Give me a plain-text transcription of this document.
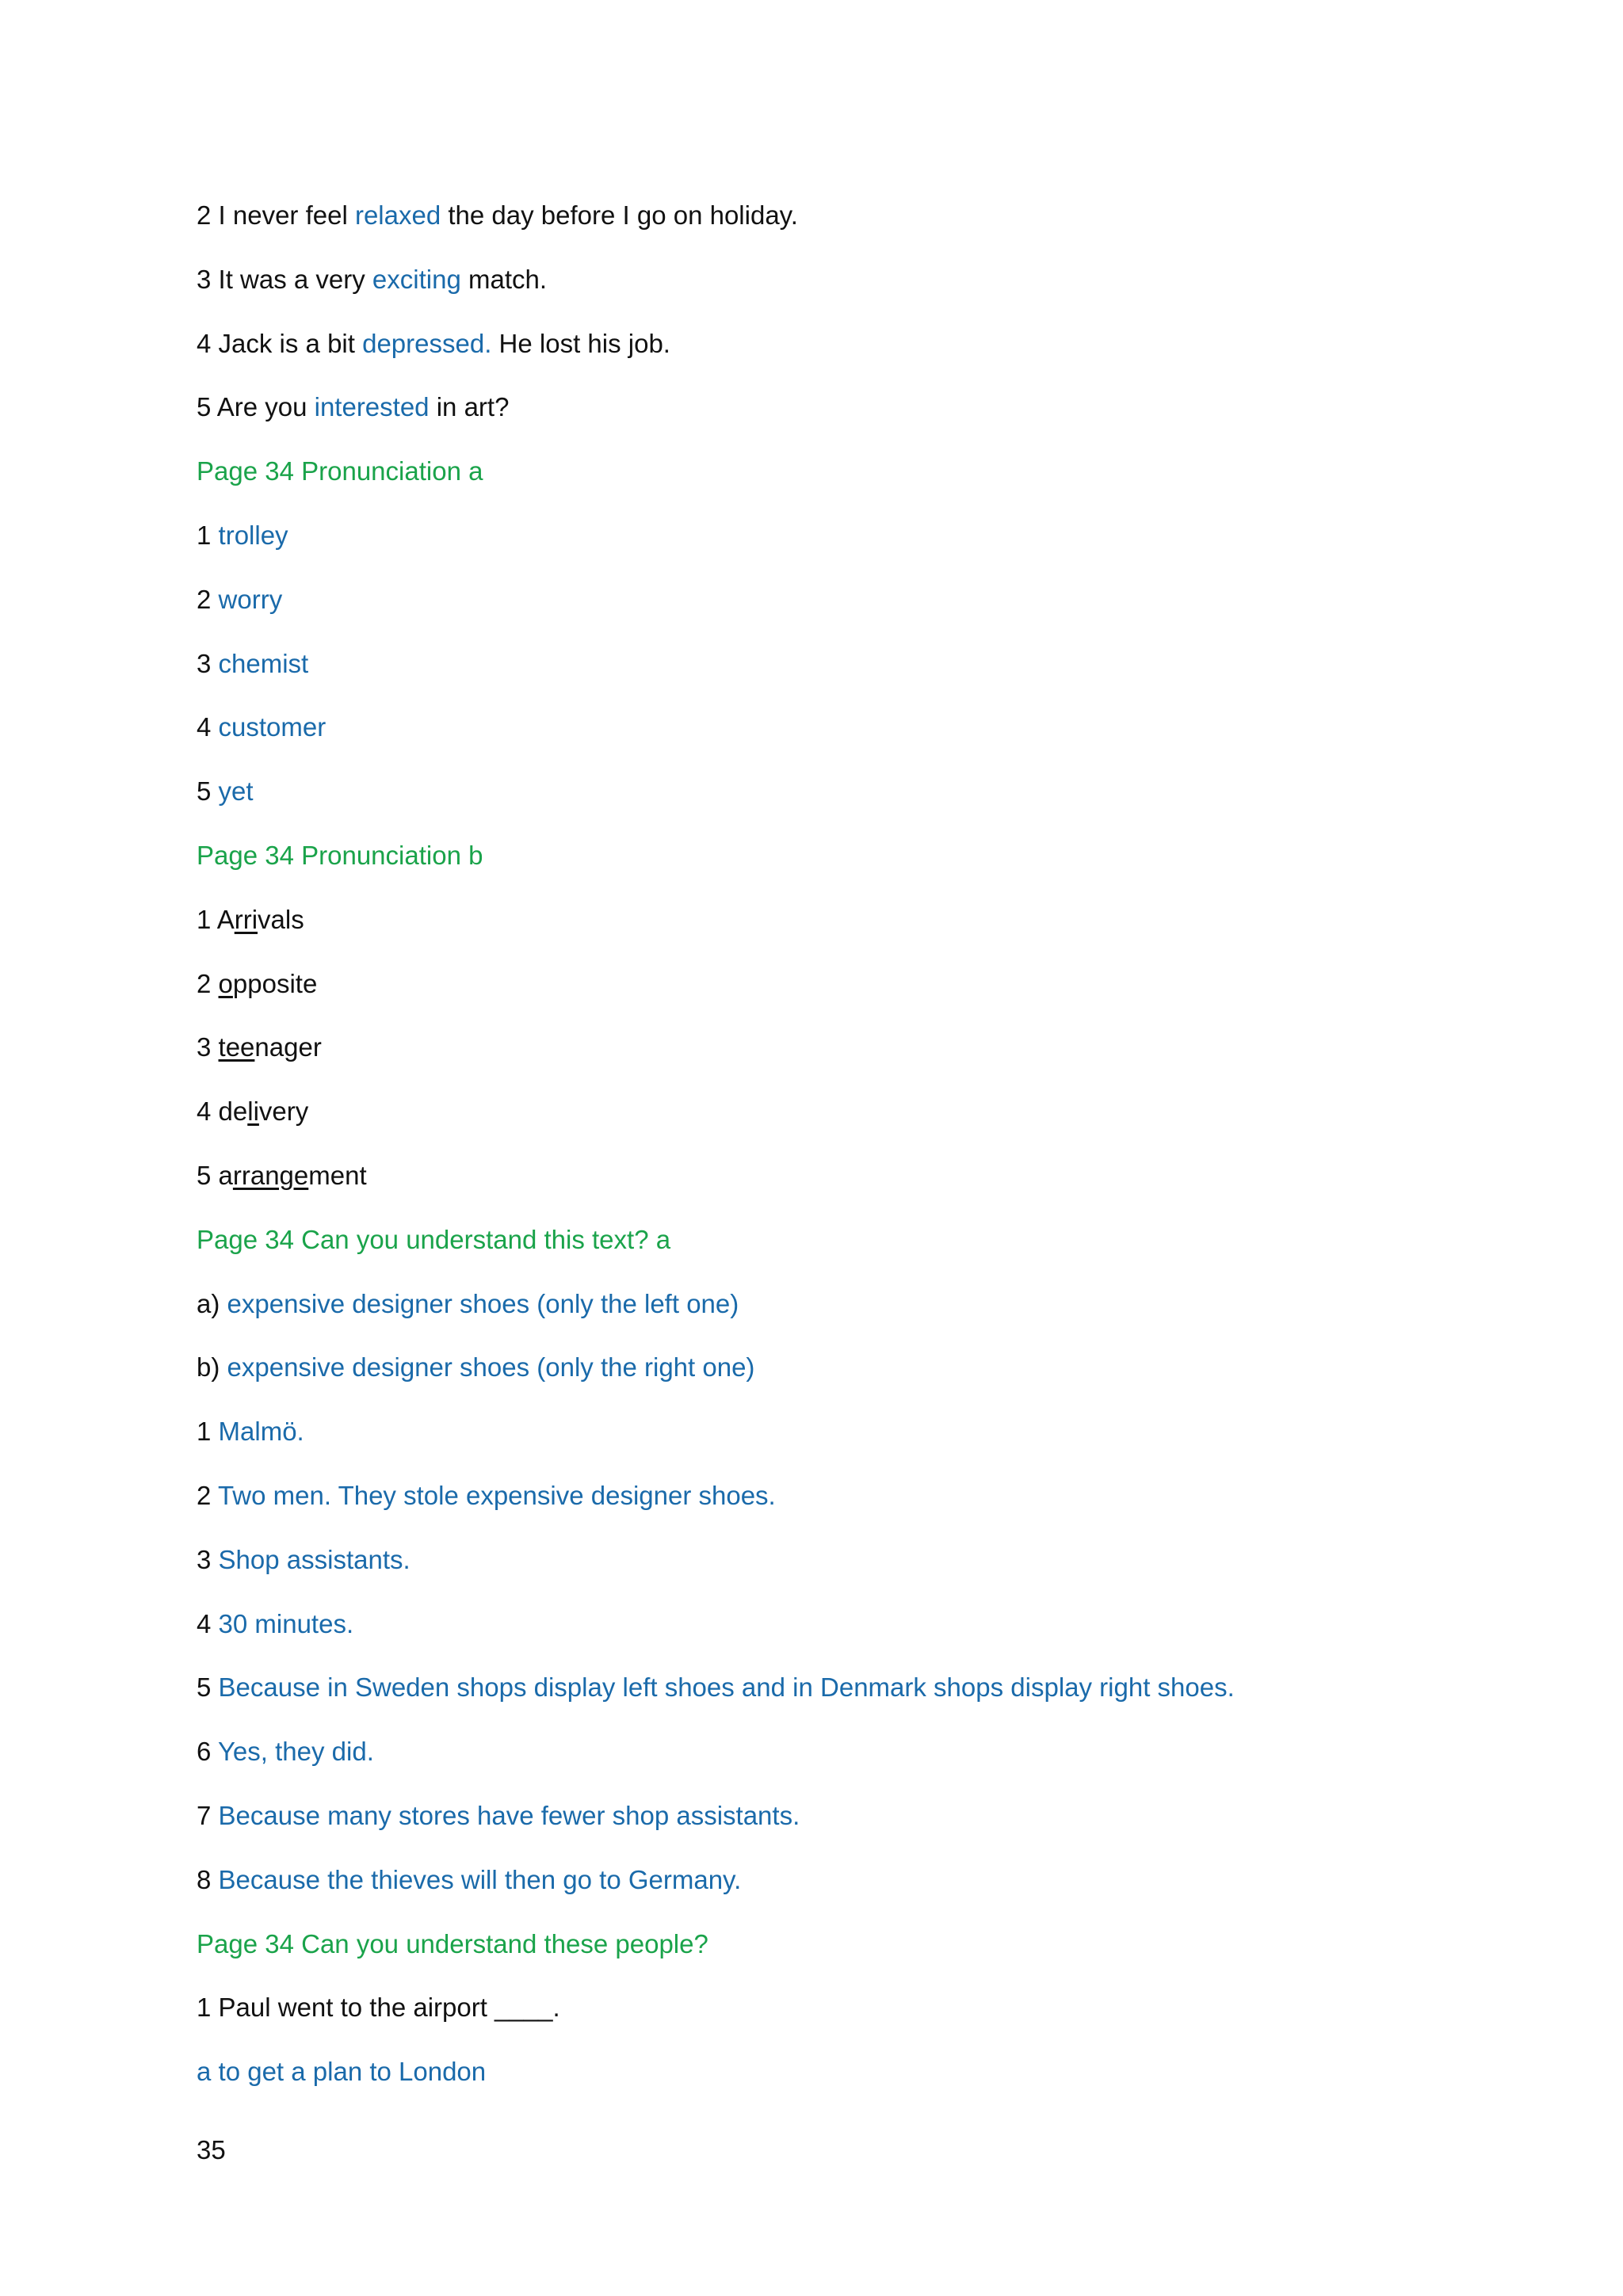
2 I never feel relaxed the day before I go on holiday.
3 It was a very exciting match.
4 Jack is a bit depressed. He lost his job.
5 Are you interested in art?
Page 34 Pronunciation a
1 trolley
2 worry
3 chemist
4 customer
5 yet
Page 34 Pronunciation b
1 Arrivals
2 opposite
3 teenager
4 delivery
5 arrangement
Page 34 Can you understand this text? a
a) expensive designer shoes (only the left one)
b) expensive designer shoes (only the right one)
1 Malmö.
2 Two men. They stole expensive designer shoes.
3 Shop assistants.
4 30 minutes.
5 Because in Sweden shops display left shoes and in Denmark shops display right shoes.
6 Yes, they did.
7 Because many stores have fewer shop assistants.
8 Because the thieves will then go to Germany.
Page 34 Can you understand these people?
1 Paul went to the airport ____.
a to get a plan to London
35
